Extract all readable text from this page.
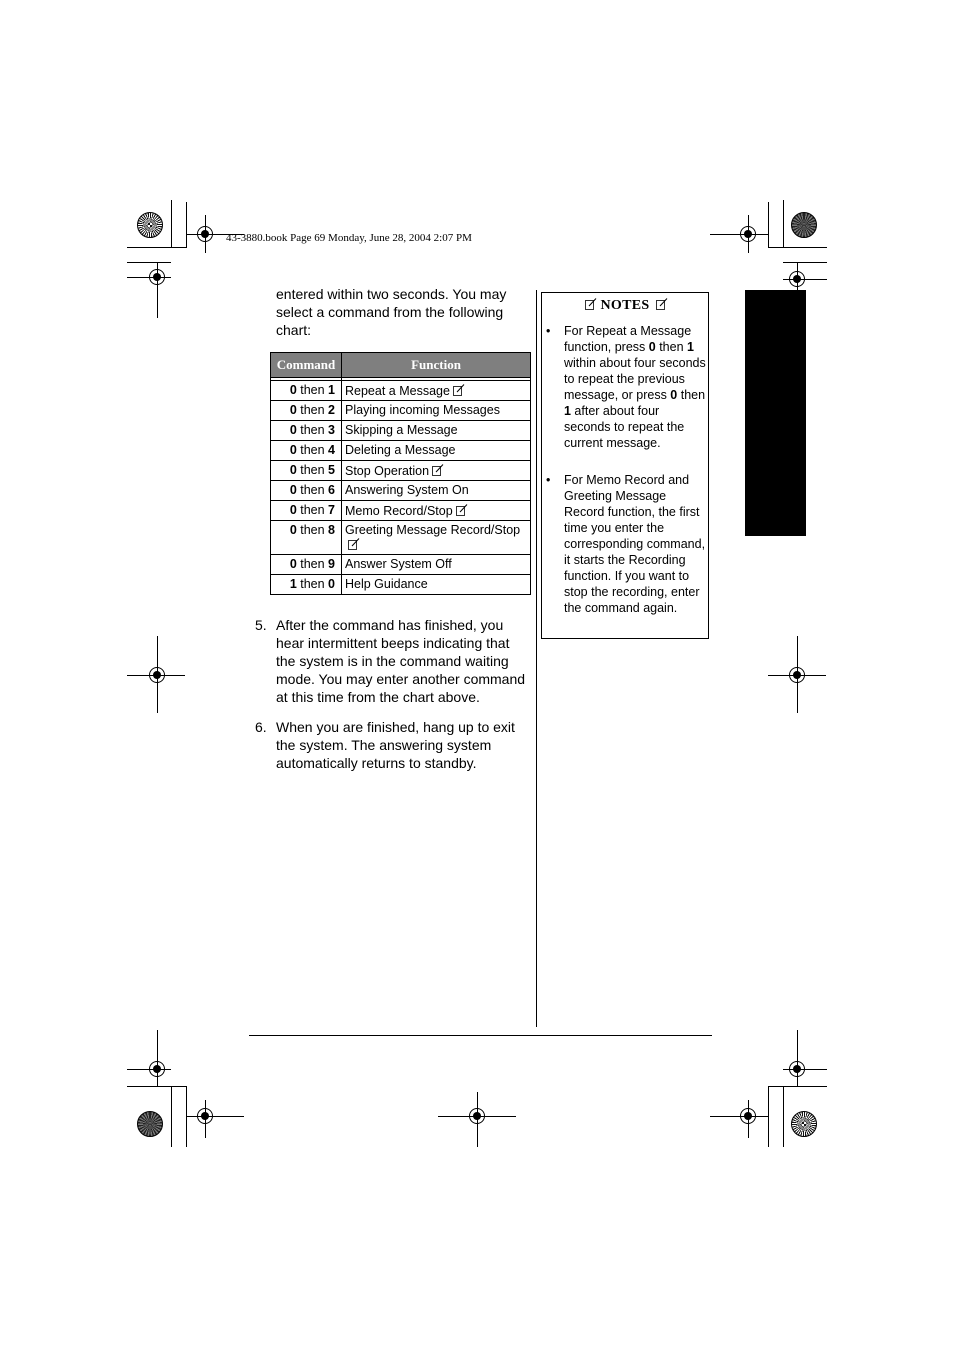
43-3880.book Page 69 Monday, June 28, 2004 2:07 PM
entered within two seconds. You may select a command from the following chart:
Command	Function

0 then 1	Repeat a Message
0 then 2	Playing incoming Messages
0 then 3	Skipping a Message
0 then 4	Deleting a Message
0 then 5	Stop Operation
0 then 6	Answering System On
0 then 7	Memo Record/Stop
0 then 8	Greeting Message Record/Stop
0 then 9	Answer System Off
1 then 0	Help Guidance
5. After the command has finished, you hear intermittent beeps indicating that the system is in the command waiting mode. You may enter another command at this time from the chart above.
6. When you are finished, hang up to exit the system. The answering system automatically returns to standby.
NOTES
•	For Repeat a Message function, press 0 then 1 within about four seconds to repeat the previous message, or press 0 then 1 after about four seconds to repeat the current message.
•	For Memo Record and Greeting Message Record function, the first time you enter the corresponding command, it starts the Recording function. If you want to stop the recording, enter the command again.
